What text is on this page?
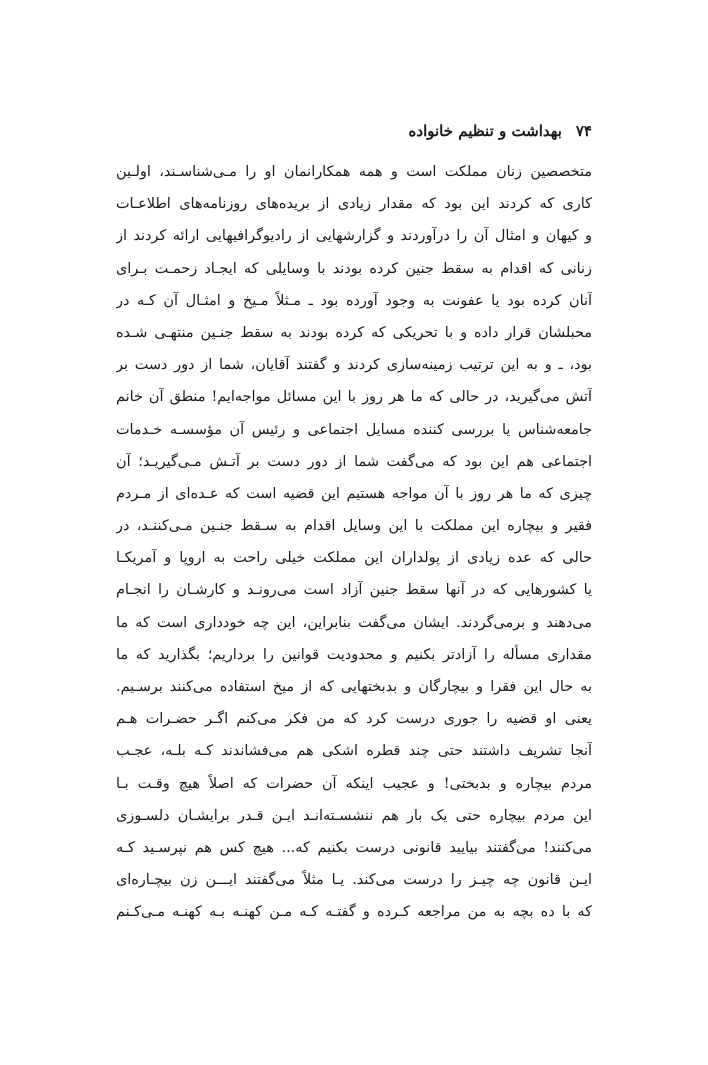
۷۴
بهداشت و تنظیم خانواده
متخصصین زنان مملکت است و همه همکارانمان او را مـی‌شناسـند، اولـین
کاری که کردند این بود که مقدار زیادی از بریده‌های روزنامه‌های اطلاعـات
و کیهان و امثال آن را درآوردند و گزارشهایی از رادیوگرافیهایی ارائه کردند از
زنانی که اقدام به سقط جنین کرده بودند با وسایلی که ایجـاد زحمـت بـرای
آنان کرده بود یا عفونت به وجود آورده بود ـ مـثلاً مـیخ و امثـال آن کـه در
محبلشان قرار داده و با تحریکی که کرده بودند به سقط جنـین منتهـی شـده
بود، ـ و به این ترتیب زمینه‌سازی کردند و گفتند آقایان، شما از دور دست بر
آتش می‌گیرید، در حالی که ما هر روز با این مسائل مواجه‌ایم! منطق آن خانم
جامعه‌شناس یا بررسی کننده مسایل اجتماعی و رئیس آن مؤسسـه خـدمات
اجتماعی هم این بود که می‌گفت شما از دور دست بر آتـش مـی‌گیریـد؛ آن
چیزی که ما هر روز با آن مواجه هستیم این قضیه است که عـده‌ای از مـردم
فقیر و بیچاره این مملکت با این وسایل اقدام به سـقط جنـین مـی‌کننـد، در
حالی که عده زیادی از پولداران این مملکت خیلی راحت به اروپا و آمریکـا
یا کشورهایی که در آنها سقط جنین آزاد است می‌رونـد و کارشـان را انجـام
می‌دهند و برمی‌گردند. ایشان می‌گفت بنابراین، این چه خودداری است که ما
مقداری مسأله را آزادتر بکنیم و محدودیت قوانین را برداریم؛ بگذارید که ما
به حال این فقرا و بیچارگان و بدبختهایی که از میخ استفاده می‌کنند برسـیم.
یعنی او قضیه را جوری درست کرد که من فکر می‌کنم اگـر حضـرات هـم
آنجا تشریف داشتند حتی چند قطره اشکی هم می‌فشاندند کـه بلـه، عجـب
مردم بیچاره و بدبختی! و عجیب اینکه آن حضرات که اصلاً هیچ وقـت بـا
این مردم بیچاره حتی یک بار هم ننشسـته‌انـد ایـن قـدر برایشـان دلسـوزی
می‌کنند! می‌گفتند بیایید قانونی درست بکنیم که... هیچ کس هم نپرسـید کـه
ایـن قانون چه چیـز را درست می‌کند. یـا مثلاً می‌گفتند ایـــن زن بیچـاره‌ای
که با ده بچه به من مراجعه کـرده و گفتـه کـه مـن کهنـه بـه کهنـه مـی‌کـنم
